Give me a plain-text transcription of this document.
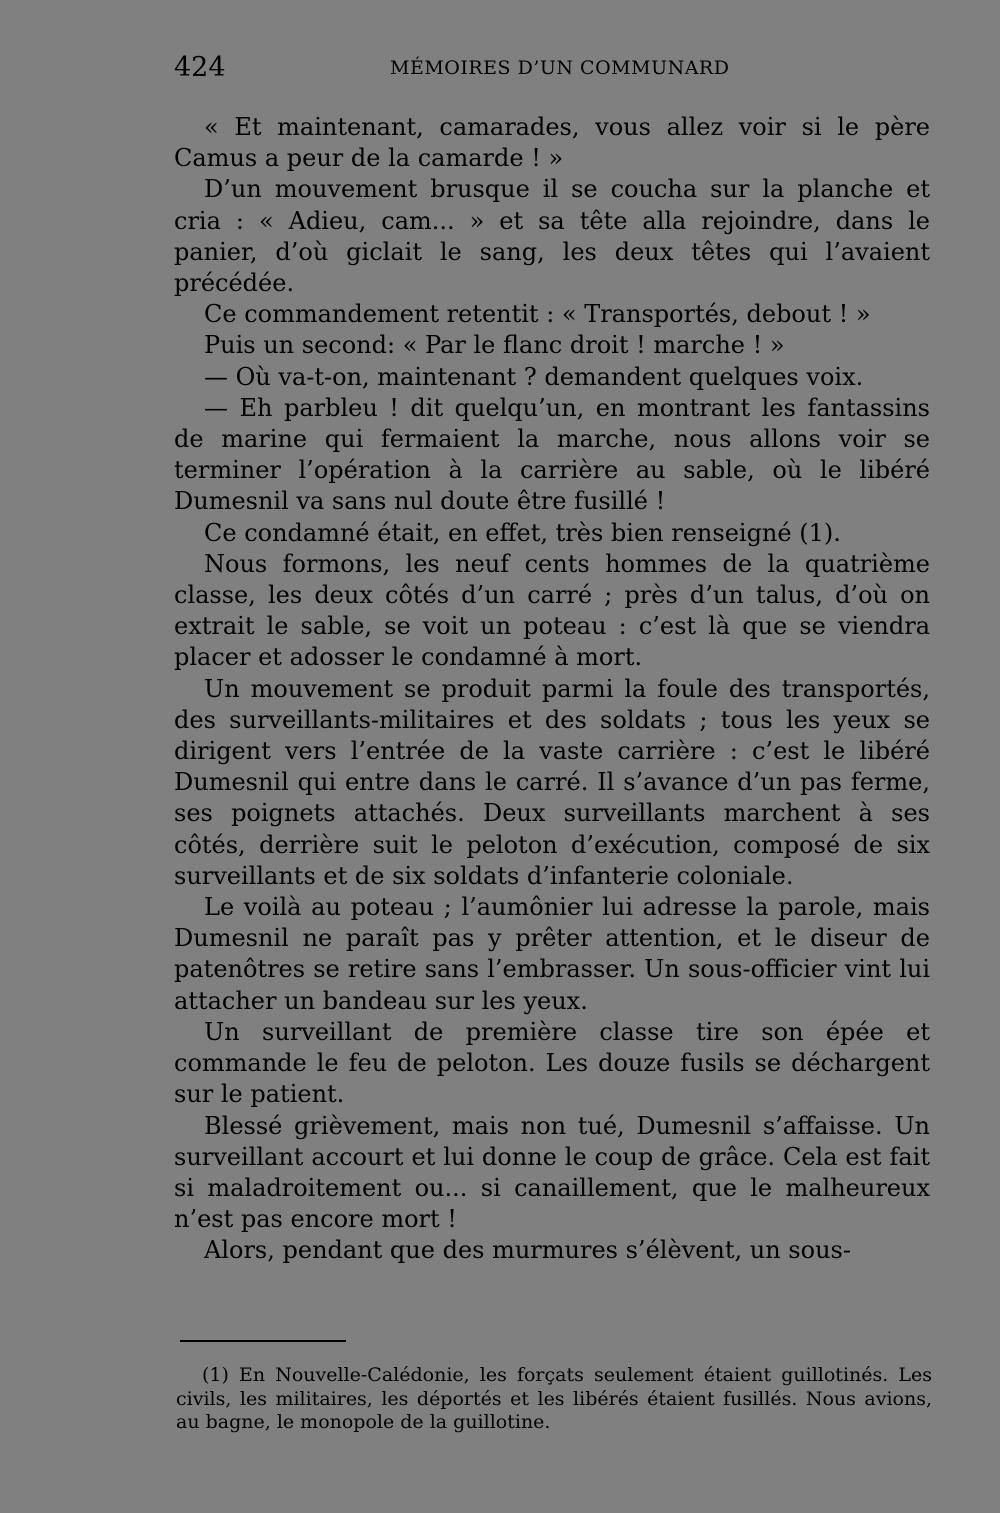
424	MÉMOIRES D’UN COMMUNARD

« Et maintenant, camarades, vous allez voir si le père Camus a peur de la camarde ! »

D’un mouvement brusque il se coucha sur la planche et cria : « Adieu, cam... » et sa tête alla rejoindre, dans le panier, d’où giclait le sang, les deux têtes qui l’avaient précédée.

Ce commandement retentit : « Transportés, debout ! »

Puis un second: « Par le flanc droit ! marche ! »

— Où va-t-on, maintenant ? demandent quelques voix.

— Eh parbleu ! dit quelqu’un, en montrant les fantassins de marine qui fermaient la marche, nous allons voir se terminer l’opération à la carrière au sable, où le libéré Dumesnil va sans nul doute être fusillé !

Ce condamné était, en effet, très bien renseigné (1).

Nous formons, les neuf cents hommes de la quatrième classe, les deux côtés d’un carré ; près d’un talus, d’où on extrait le sable, se voit un poteau : c’est là que se viendra placer et adosser le condamné à mort.

Un mouvement se produit parmi la foule des transportés, des surveillants-militaires et des soldats ; tous les yeux se dirigent vers l’entrée de la vaste carrière : c’est le libéré Dumesnil qui entre dans le carré. Il s’avance d’un pas ferme, ses poignets attachés. Deux surveillants marchent à ses côtés, derrière suit le peloton d’exécution, composé de six surveillants et de six soldats d’infanterie coloniale.

Le voilà au poteau ; l’aumônier lui adresse la parole, mais Dumesnil ne paraît pas y prêter attention, et le diseur de patenôtres se retire sans l’embrasser. Un sous-officier vint lui attacher un bandeau sur les yeux.

Un surveillant de première classe tire son épée et commande le feu de peloton. Les douze fusils se déchargent sur le patient.

Blessé grièvement, mais non tué, Dumesnil s’affaisse. Un surveillant accourt et lui donne le coup de grâce. Cela est fait si maladroitement ou... si canaillement, que le malheureux n’est pas encore mort !

Alors, pendant que des murmures s’élèvent, un sous-

(1) En Nouvelle-Calédonie, les forçats seulement étaient guillotinés. Les civils, les militaires, les déportés et les libérés étaient fusillés. Nous avions, au bagne, le monopole de la guillotine.
